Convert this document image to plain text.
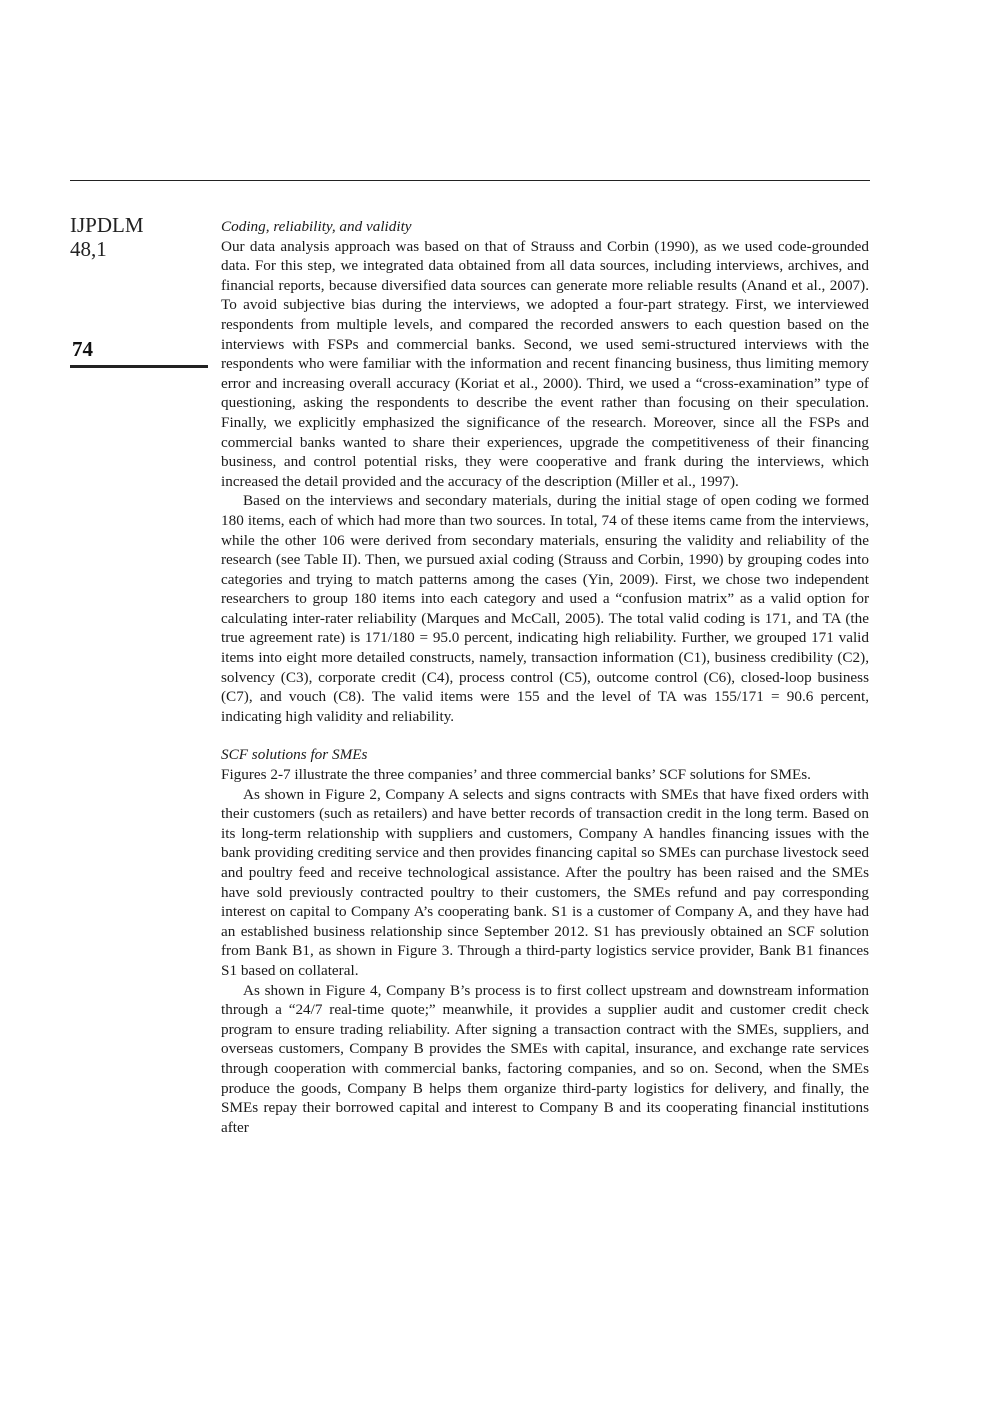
IJPDLM
48,1
74

Coding, reliability, and validity

Our data analysis approach was based on that of Strauss and Corbin (1990), as we used code-grounded data. For this step, we integrated data obtained from all data sources, including interviews, archives, and financial reports, because diversified data sources can generate more reliable results (Anand et al., 2007). To avoid subjective bias during the interviews, we adopted a four-part strategy. First, we interviewed respondents from multiple levels, and compared the recorded answers to each question based on the interviews with FSPs and commercial banks. Second, we used semi-structured interviews with the respondents who were familiar with the information and recent financing business, thus limiting memory error and increasing overall accuracy (Koriat et al., 2000). Third, we used a “cross-examination” type of questioning, asking the respondents to describe the event rather than focusing on their speculation. Finally, we explicitly emphasized the significance of the research. Moreover, since all the FSPs and commercial banks wanted to share their experiences, upgrade the competitiveness of their financing business, and control potential risks, they were cooperative and frank during the interviews, which increased the detail provided and the accuracy of the description (Miller et al., 1997).

Based on the interviews and secondary materials, during the initial stage of open coding we formed 180 items, each of which had more than two sources. In total, 74 of these items came from the interviews, while the other 106 were derived from secondary materials, ensuring the validity and reliability of the research (see Table II). Then, we pursued axial coding (Strauss and Corbin, 1990) by grouping codes into categories and trying to match patterns among the cases (Yin, 2009). First, we chose two independent researchers to group 180 items into each category and used a “confusion matrix” as a valid option for calculating inter-rater reliability (Marques and McCall, 2005). The total valid coding is 171, and TA (the true agreement rate) is 171/180 = 95.0 percent, indicating high reliability. Further, we grouped 171 valid items into eight more detailed constructs, namely, transaction information (C1), business credibility (C2), solvency (C3), corporate credit (C4), process control (C5), outcome control (C6), closed-loop business (C7), and vouch (C8). The valid items were 155 and the level of TA was 155/171 = 90.6 percent, indicating high validity and reliability.

SCF solutions for SMEs

Figures 2-7 illustrate the three companies’ and three commercial banks’ SCF solutions for SMEs.

As shown in Figure 2, Company A selects and signs contracts with SMEs that have fixed orders with their customers (such as retailers) and have better records of transaction credit in the long term. Based on its long-term relationship with suppliers and customers, Company A handles financing issues with the bank providing crediting service and then provides financing capital so SMEs can purchase livestock seed and poultry feed and receive technological assistance. After the poultry has been raised and the SMEs have sold previously contracted poultry to their customers, the SMEs refund and pay corresponding interest on capital to Company A’s cooperating bank. S1 is a customer of Company A, and they have had an established business relationship since September 2012. S1 has previously obtained an SCF solution from Bank B1, as shown in Figure 3. Through a third-party logistics service provider, Bank B1 finances S1 based on collateral.

As shown in Figure 4, Company B’s process is to first collect upstream and downstream information through a “24/7 real-time quote;” meanwhile, it provides a supplier audit and customer credit check program to ensure trading reliability. After signing a transaction contract with the SMEs, suppliers, and overseas customers, Company B provides the SMEs with capital, insurance, and exchange rate services through cooperation with commercial banks, factoring companies, and so on. Second, when the SMEs produce the goods, Company B helps them organize third-party logistics for delivery, and finally, the SMEs repay their borrowed capital and interest to Company B and its cooperating financial institutions after
